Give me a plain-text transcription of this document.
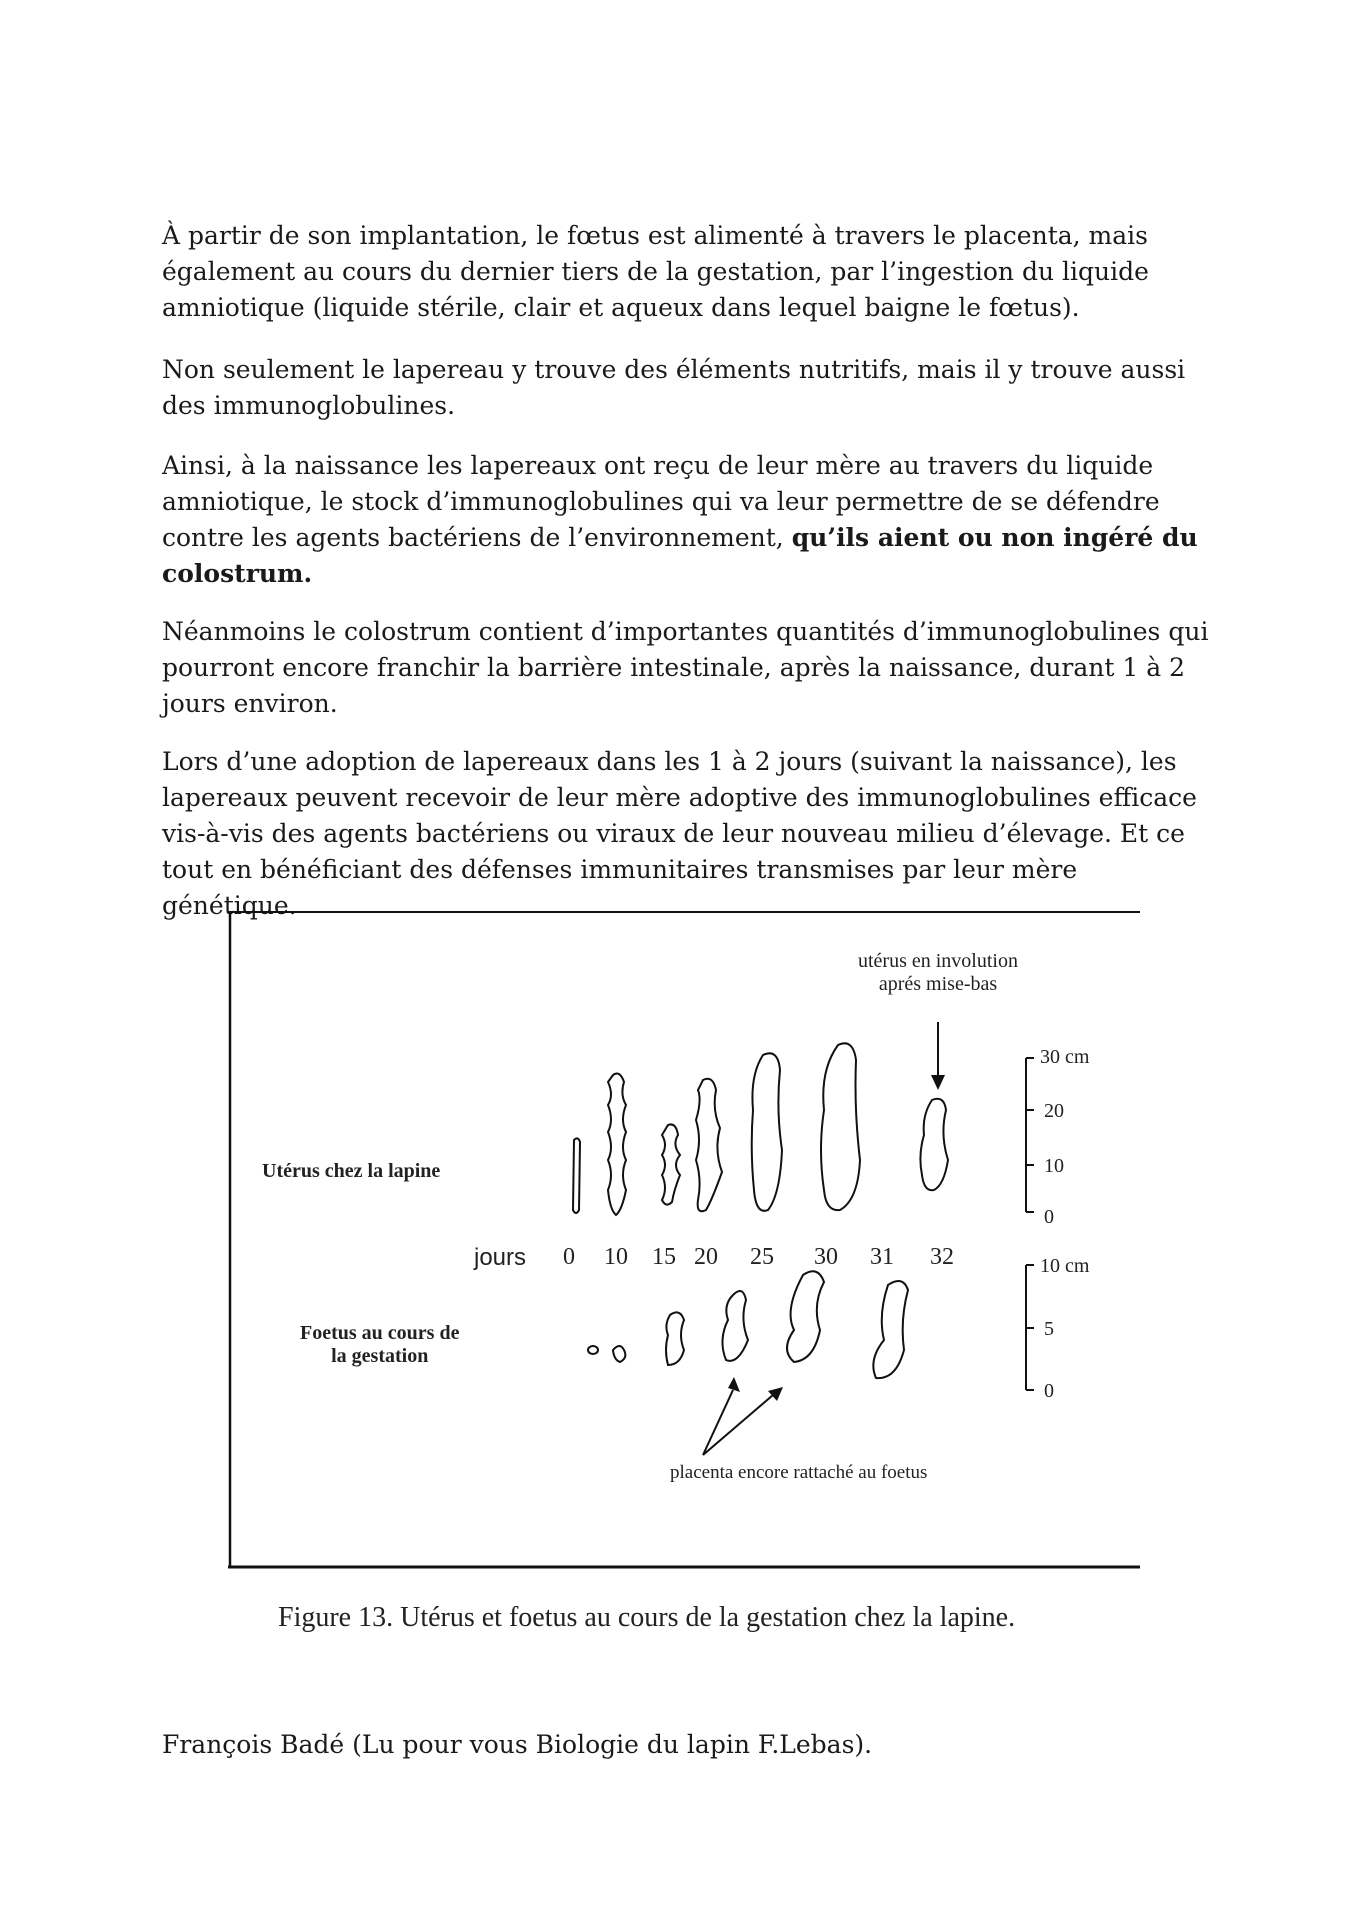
À partir de son implantation, le fœtus est alimenté à travers le placenta, mais également au cours du dernier tiers de la gestation, par l’ingestion du liquide amniotique (liquide stérile, clair et aqueux dans lequel baigne le fœtus).

Non seulement le lapereau y trouve des éléments nutritifs, mais il y trouve aussi des immunoglobulines.

Ainsi, à la naissance les lapereaux ont reçu de leur mère au travers du liquide amniotique, le stock d’immunoglobulines qui va leur permettre de se défendre contre les agents bactériens de l’environnement, qu’ils aient ou non ingéré du colostrum.

Néanmoins le colostrum contient d’importantes quantités d’immunoglobulines qui pourront encore franchir la barrière intestinale, après la naissance, durant 1 à 2 jours environ.

Lors d’une adoption de lapereaux dans les 1 à 2 jours (suivant la naissance), les lapereaux peuvent recevoir de leur mère adoptive des immunoglobulines efficace vis-à-vis des agents bactériens ou viraux de leur nouveau milieu d’élevage. Et ce tout en bénéficiant des défenses immunitaires transmises par leur mère génétique.

Utérus chez la lapine
Foetus au cours de
la gestation
jours 0 10 15 20 25 30 31 32
utérus en involution
aprés mise-bas
placenta encore rattaché au foetus
30 cm
20
10
0
10 cm
5
0
Figure 13. Utérus et foetus au cours de la gestation chez la lapine.
François Badé (Lu pour vous Biologie du lapin F.Lebas).
